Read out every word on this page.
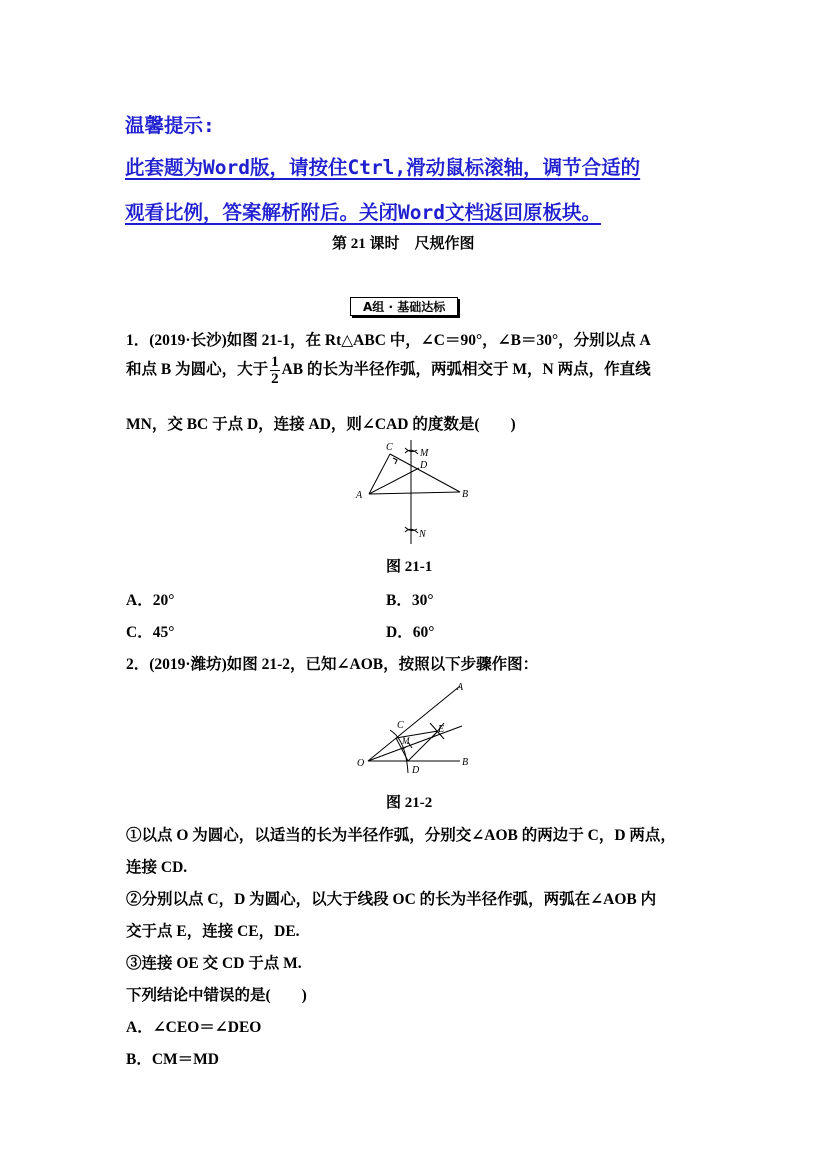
温馨提示:
此套题为Word版，请按住Ctrl,滑动鼠标滚轴，调节合适的
观看比例，答案解析附后。关闭Word文档返回原板块。
第 21 课时　尺规作图
A组 · 基础达标
1．(2019·长沙)如图 21-1，在 Rt△ABC 中，∠C＝90°，∠B＝30°，分别以点 A
和点 B 为圆心，大于 $\frac{1}{2}$ AB 的长为半径作弧，两弧相交于 M，N 两点，作直线
MN，交 BC 于点 D，连接 AD，则∠CAD 的度数是(　　)
C
M
D
A	B
N
图 21-1
A．20°	B．30°
C．45°	D．60°
2．(2019·潍坊)如图 21-2，已知∠AOB，按照以下步骤作图：
A
C	E
M
O
D
B
图 21-2
①以点 O 为圆心，以适当的长为半径作弧，分别交∠AOB 的两边于 C，D 两点，
连接 CD.
②分别以点 C，D 为圆心，以大于线段 OC 的长为半径作弧，两弧在∠AOB 内
交于点 E，连接 CE，DE.
③连接 OE 交 CD 于点 M.
下列结论中错误的是(　　)
A．∠CEO＝∠DEO
B．CM＝MD
